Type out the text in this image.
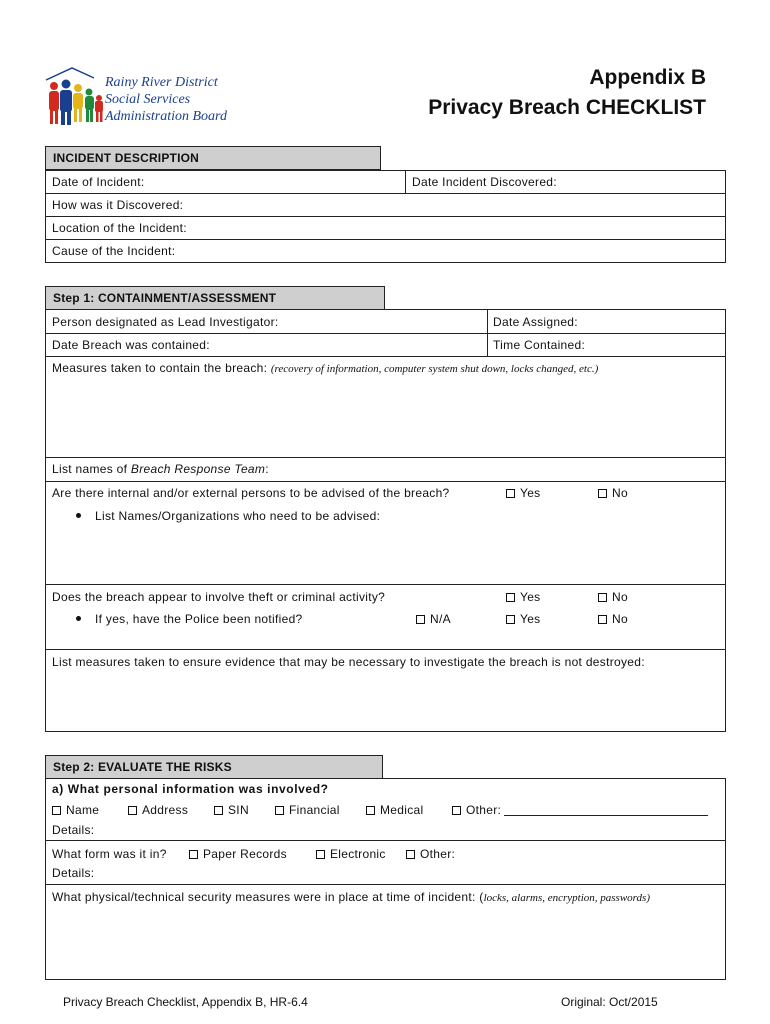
Rainy River District
Social Services
Administration Board
Appendix B
Privacy Breach CHECKLIST
INCIDENT DESCRIPTION
Date of Incident:	Date Incident Discovered:
How was it Discovered:
Location of the Incident:
Cause of the Incident:
Step 1: CONTAINMENT/ASSESSMENT
Person designated as Lead Investigator:	Date Assigned:
Date Breach was contained:	Time Contained:
Measures taken to contain the breach: (recovery of information, computer system shut down, locks changed, etc.)
List names of Breach Response Team:
Are there internal and/or external persons to be advised of the breach?	Yes	No
List Names/Organizations who need to be advised:
Does the breach appear to involve theft or criminal activity?	Yes	No
If yes, have the Police been notified?	N/A	Yes	No
List measures taken to ensure evidence that may be necessary to investigate the breach is not destroyed:
Step 2: EVALUATE THE RISKS
a) What personal information was involved?
Name	Address	SIN	Financial	Medical	Other:
Details:
What form was it in?	Paper Records	Electronic	Other:
Details:
What physical/technical security measures were in place at time of incident: (locks, alarms, encryption, passwords)
Privacy Breach Checklist, Appendix B, HR-6.4	Original: Oct/2015
